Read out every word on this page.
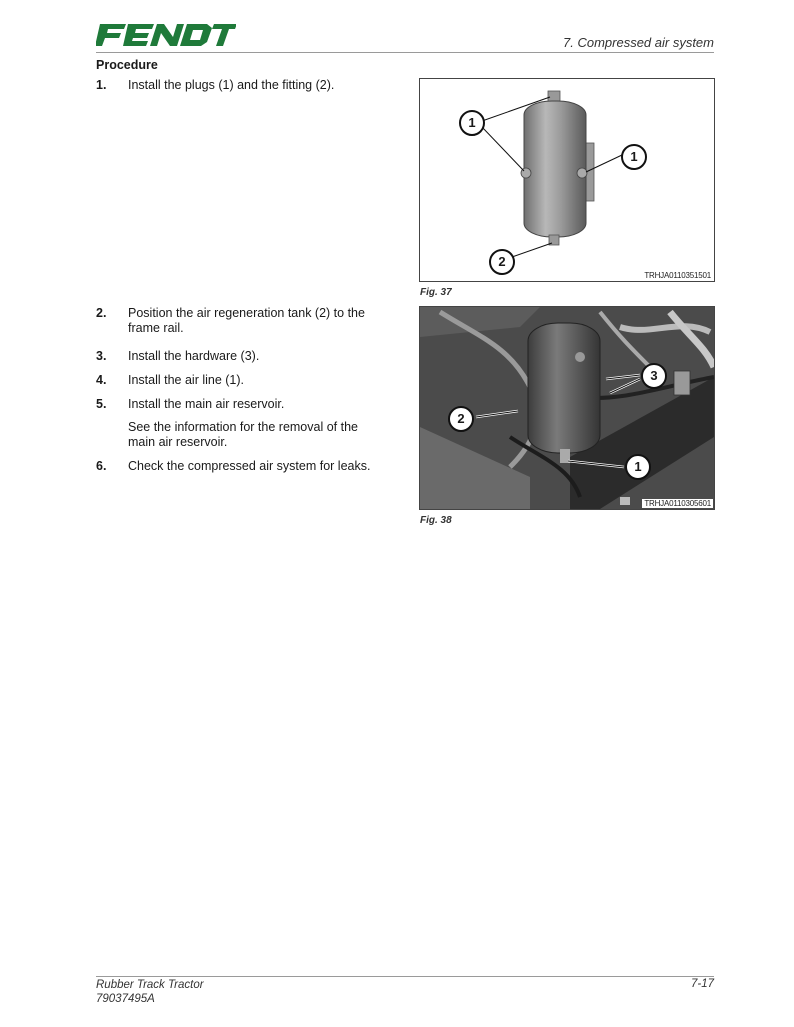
7. Compressed air system
Procedure
1. Install the plugs (1) and the fitting (2).
2. Position the air regeneration tank (2) to the frame rail.
3. Install the hardware (3).
4. Install the air line (1).
5. Install the main air reservoir.
See the information for the removal of the main air reservoir.
6. Check the compressed air system for leaks.
1
1
2
TRHJA0110351501
Fig. 37
3
2
1
TRHJA0110305601
Fig. 38
Rubber Track Tractor
79037495A
7-17
